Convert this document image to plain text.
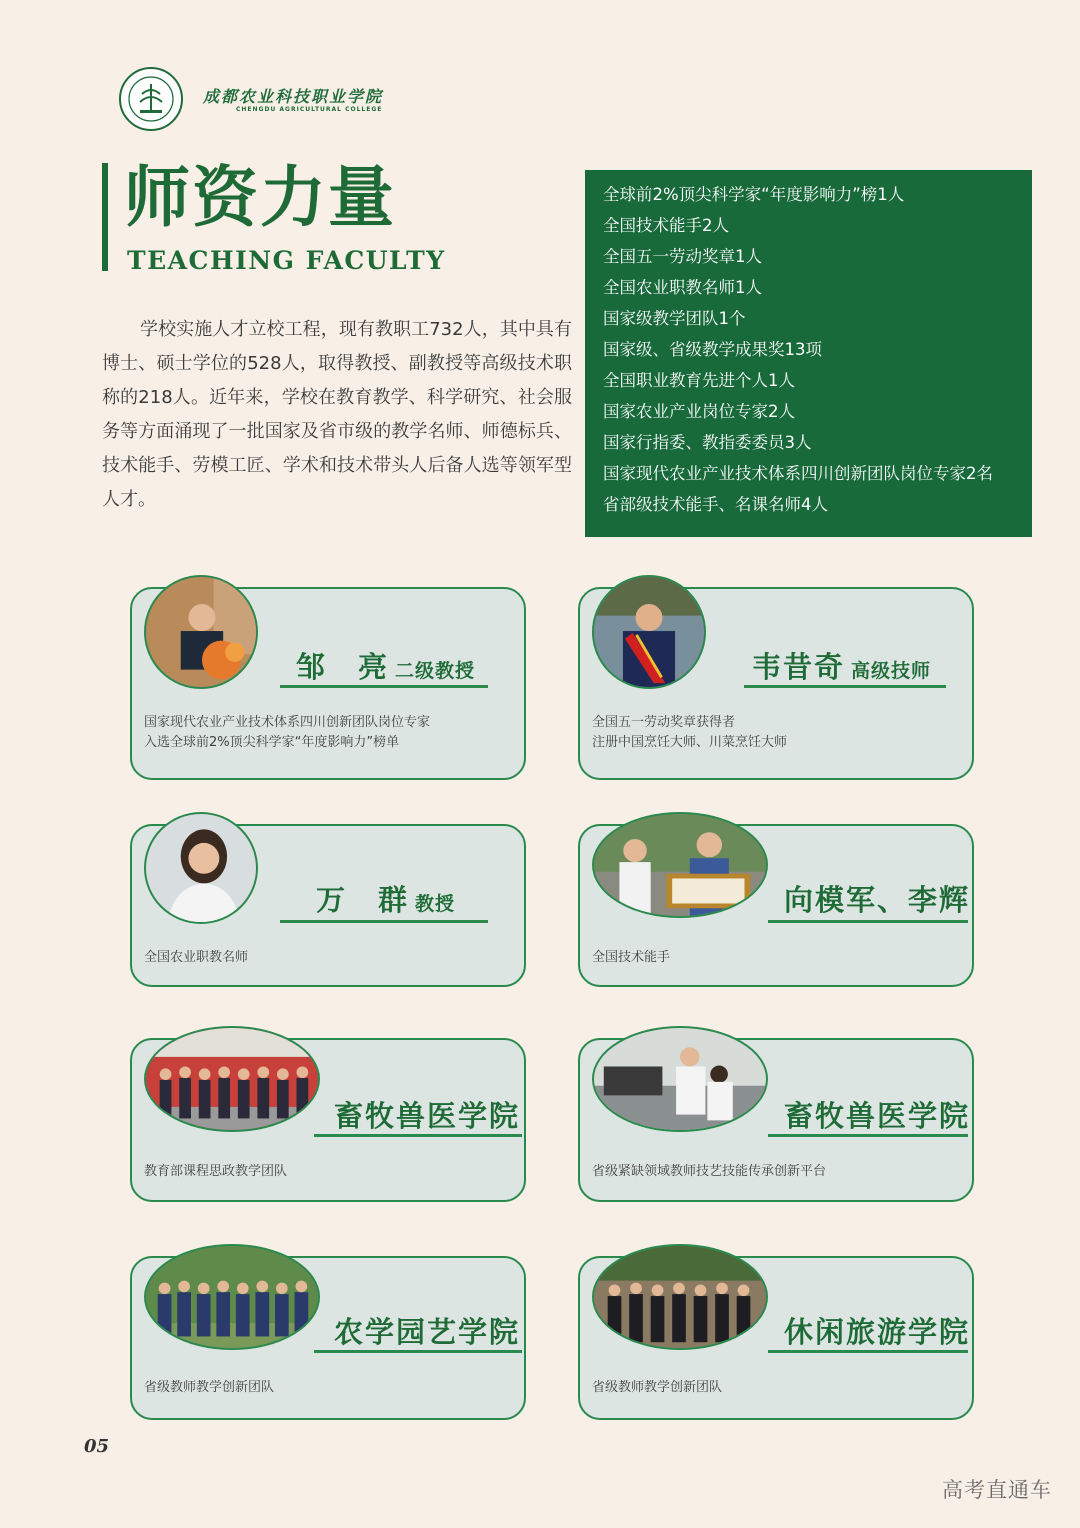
成都农业科技职业学院
CHENGDU AGRICULTURAL COLLEGE
师资力量
TEACHING FACULTY
学校实施人才立校工程，现有教职工732人，其中具有博士、硕士学位的528人，取得教授、副教授等高级技术职称的218人。近年来，学校在教育教学、科学研究、社会服务等方面涌现了一批国家及省市级的教学名师、师德标兵、技术能手、劳模工匠、学术和技术带头人后备人选等领军型人才。
全球前2%顶尖科学家“年度影响力”榜1人
全国技术能手2人
全国五一劳动奖章1人
全国农业职教名师1人
国家级教学团队1个
国家级、省级教学成果奖13项
全国职业教育先进个人1人
国家农业产业岗位专家2人
国家行指委、教指委委员3人
国家现代农业产业技术体系四川创新团队岗位专家2名
省部级技术能手、名课名师4人
邹　亮 二级教授
国家现代农业产业技术体系四川创新团队岗位专家
入选全球前2%顶尖科学家“年度影响力”榜单
韦昔奇 高级技师
全国五一劳动奖章获得者
注册中国烹饪大师、川菜烹饪大师
万　群 教授
全国农业职教名师
向模军、李辉
全国技术能手
畜牧兽医学院
教育部课程思政教学团队
畜牧兽医学院
省级紧缺领域教师技艺技能传承创新平台
农学园艺学院
省级教师教学创新团队
休闲旅游学院
省级教师教学创新团队
05
高考直通车
